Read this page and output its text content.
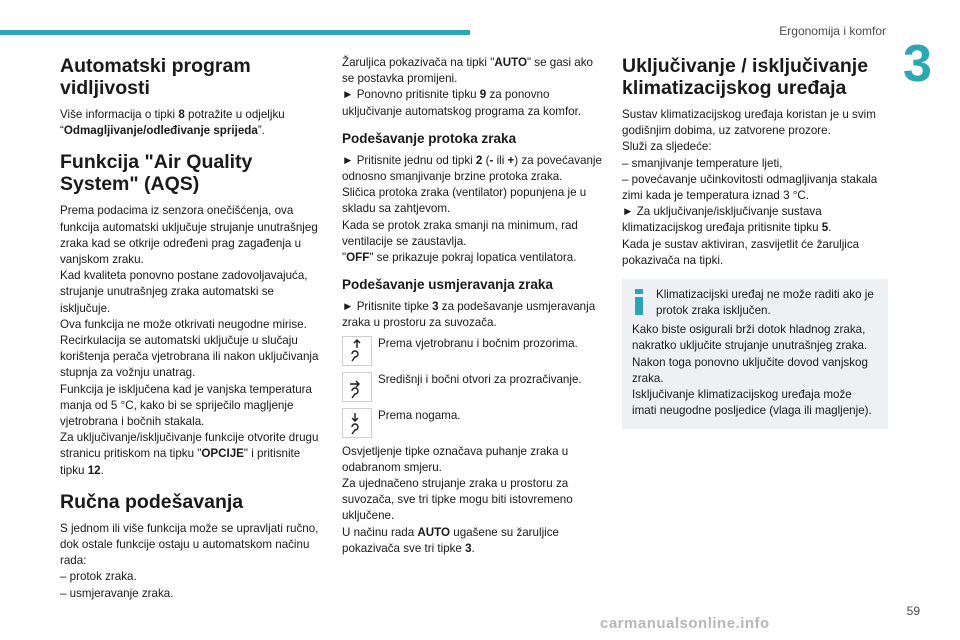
Ergonomija i komfor
3
Automatski program vidljivosti

Više informacija o tipki 8 potražite u odjeljku “Odmagljivanje/odleđivanje sprijeda”.

Funkcija "Air Quality System" (AQS)

Prema podacima iz senzora onečišćenja, ova funkcija automatski uključuje strujanje unutrašnjeg zraka kad se otkrije određeni prag zagađenja u vanjskom zraku.

Kad kvaliteta ponovno postane zadovoljavajuća, strujanje unutrašnjeg zraka automatski se isključuje.

Ova funkcija ne može otkrivati neugodne mirise.

Recirkulacija se automatski uključuje u slučaju korištenja perača vjetrobrana ili nakon uključivanja stupnja za vožnju unatrag.

Funkcija je isključena kad je vanjska temperatura manja od 5 °C, kako bi se spriječilo magljenje vjetrobrana i bočnih stakala.

Za uključivanje/isključivanje funkcije otvorite drugu stranicu pritiskom na tipku "OPCIJE" i pritisnite tipku 12.

Ručna podešavanja

S jednom ili više funkcija može se upravljati ručno, dok ostale funkcije ostaju u automatskom načinu rada:

– protok zraka.

– usmjeravanje zraka.

Žaruljica pokazivača na tipki "AUTO" se gasi ako se postavka promijeni.

► Ponovno pritisnite tipku 9 za ponovno uključivanje automatskog programa za komfor.

Podešavanje protoka zraka

► Pritisnite jednu od tipki 2 (- ili +) za povećavanje odnosno smanjivanje brzine protoka zraka.

Sličica protoka zraka (ventilator) popunjena je u skladu sa zahtjevom.

Kada se protok zraka smanji na minimum, rad ventilacije se zaustavlja.

"OFF" se prikazuje pokraj lopatica ventilatora.

Podešavanje usmjeravanja zraka

► Pritisnite tipke 3 za podešavanje usmjeravanja zraka u prostoru za suvozača.

Prema vjetrobranu i bočnim prozorima.
Središnji i bočni otvori za prozračivanje.
Prema nogama.

Osvjetljenje tipke označava puhanje zraka u odabranom smjeru.

Za ujednačeno strujanje zraka u prostoru za suvozača, sve tri tipke mogu biti istovremeno uključene.

U načinu rada AUTO ugašene su žaruljice pokazivača sve tri tipke 3.

Uključivanje / isključivanje klimatizacijskog uređaja

Sustav klimatizacijskog uređaja koristan je u svim godišnjim dobima, uz zatvorene prozore.

Služi za sljedeće:

– smanjivanje temperature ljeti,

– povećavanje učinkovitosti odmagljivanja stakala zimi kada je temperatura iznad 3 °C.

► Za uključivanje/isključivanje sustava klimatizacijskog uređaja pritisnite tipku 5.

Kada je sustav aktiviran, zasvijetlit će žaruljica pokazivača na tipki.

Klimatizacijski uređaj ne može raditi ako je protok zraka isključen.

Kako biste osigurali brži dotok hladnog zraka, nakratko uključite strujanje unutrašnjeg zraka. Nakon toga ponovno uključite dovod vanjskog zraka.

Isključivanje klimatizacijskog uređaja može imati neugodne posljedice (vlaga ili magljenje).

59
carmanualsonline.info
